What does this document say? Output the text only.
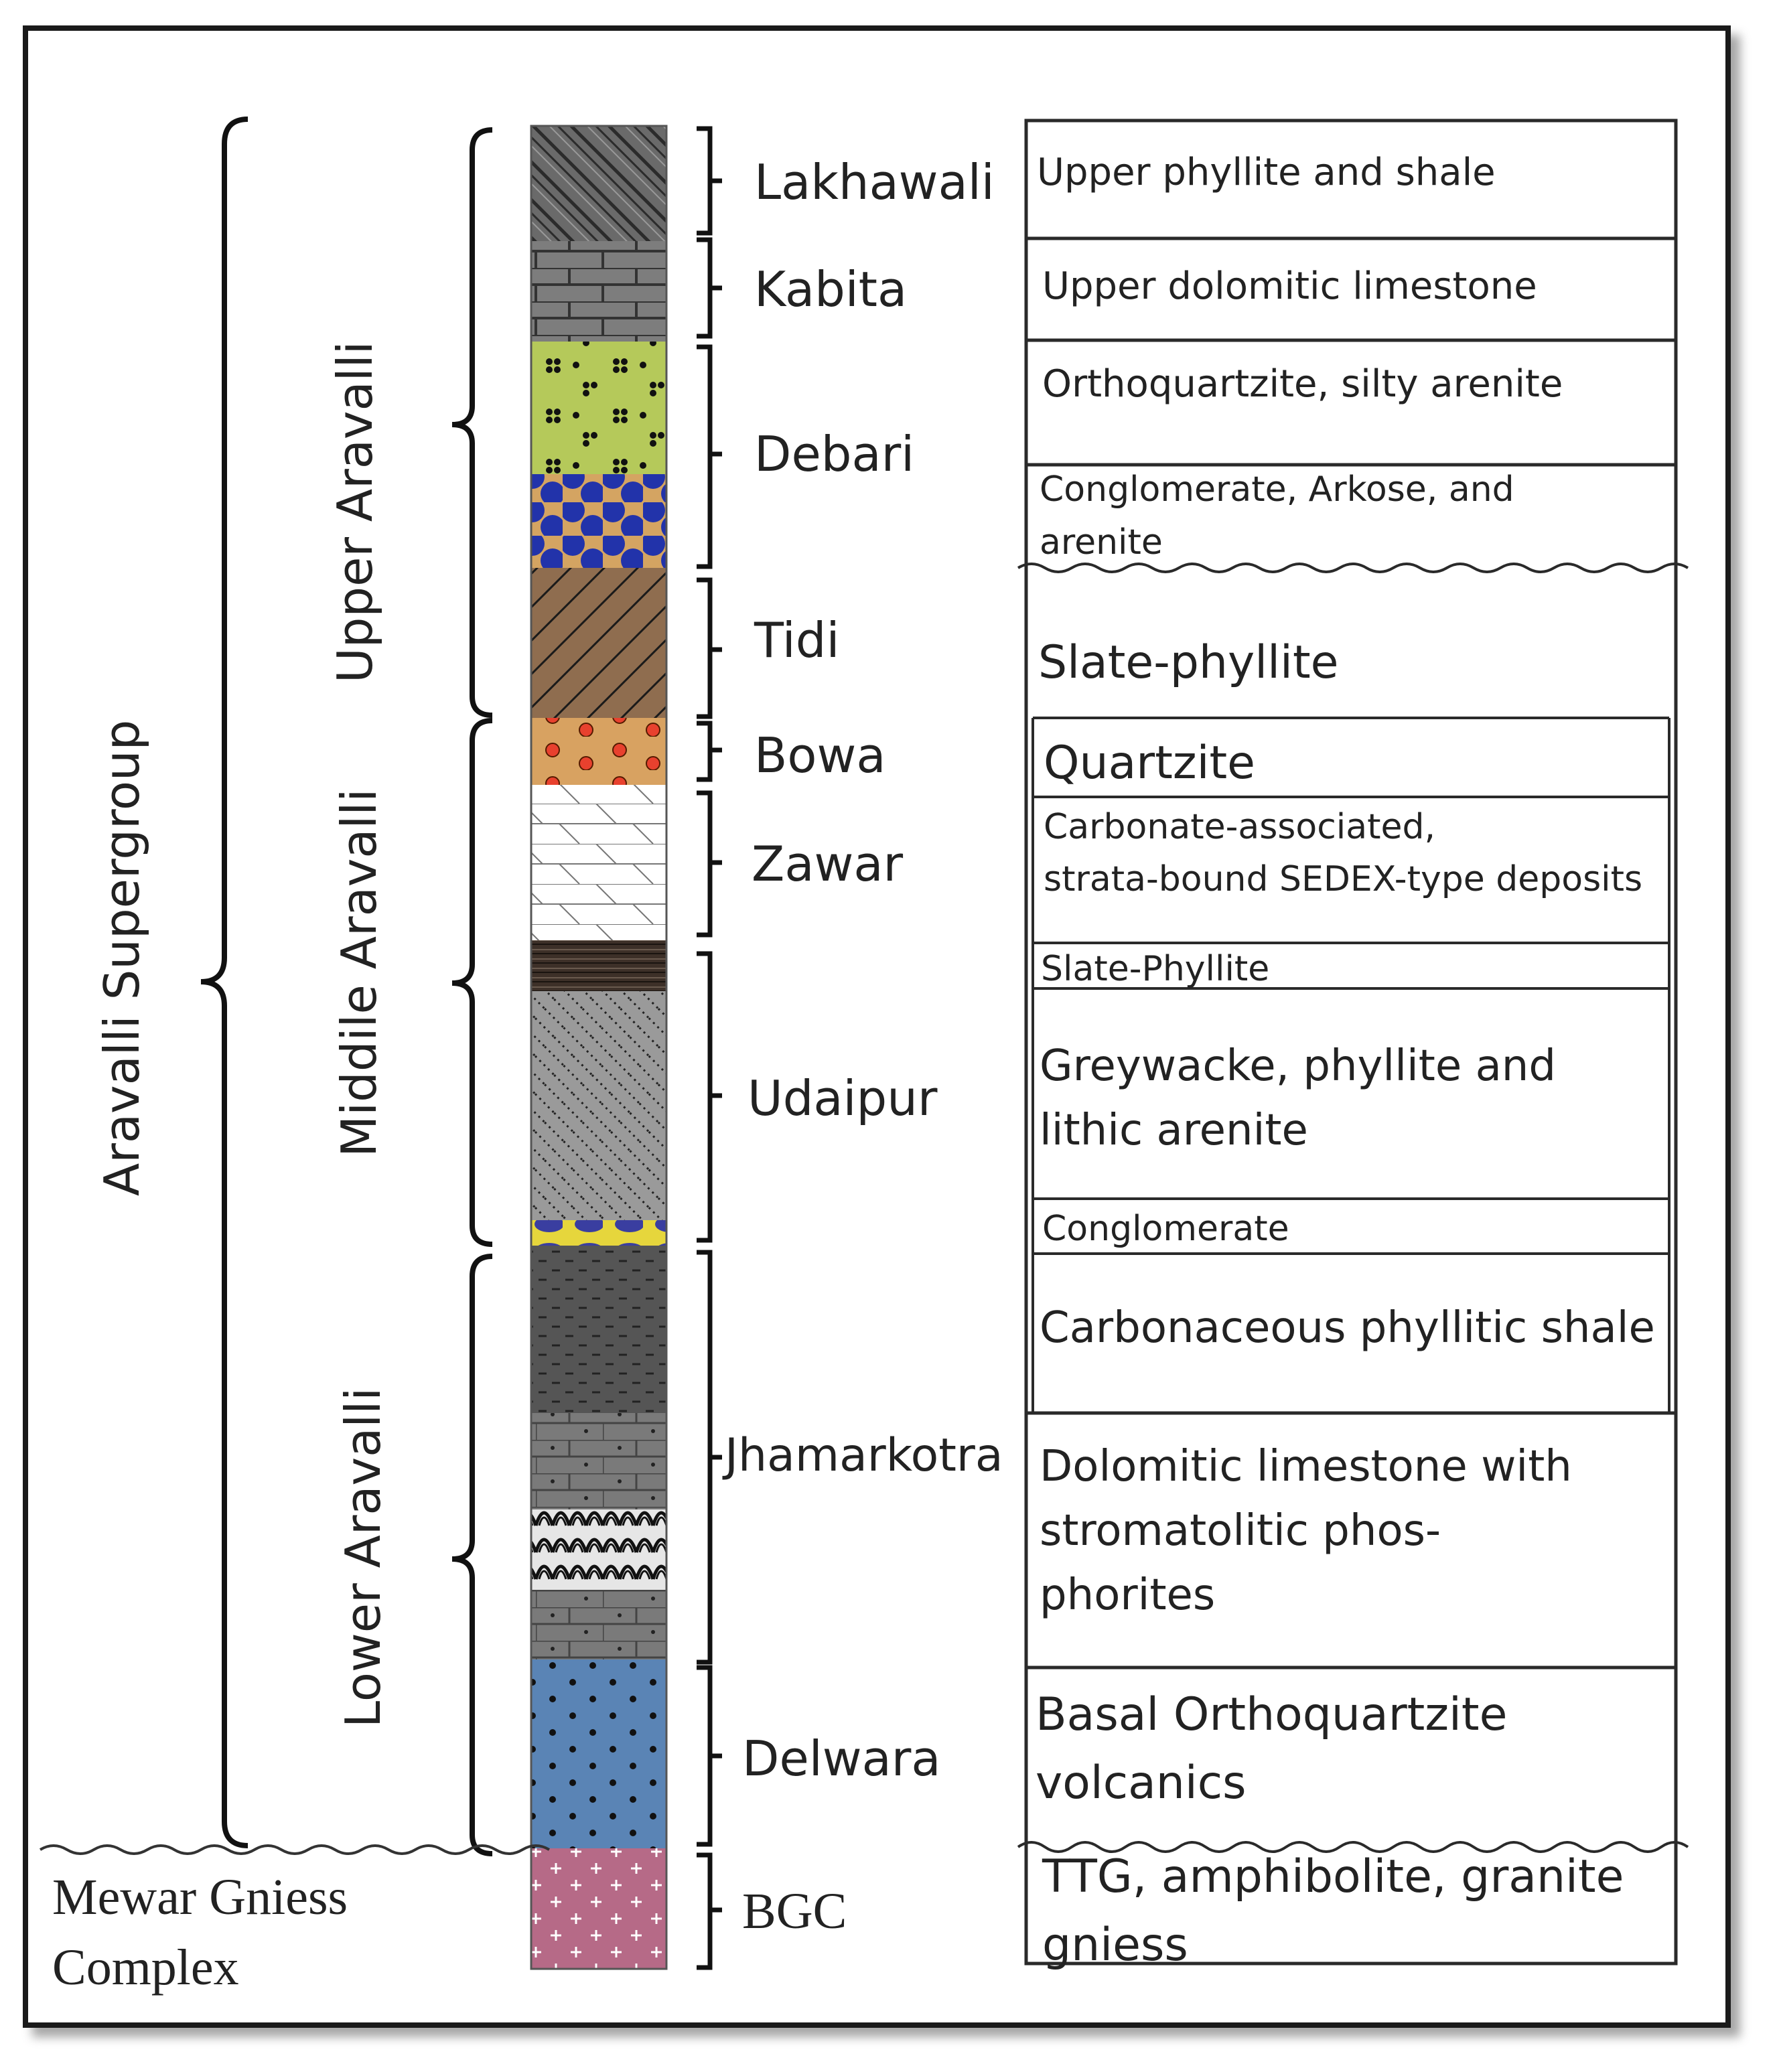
Aravalli Supergroup
Upper Aravalli
Middile Aravalli
Lower Aravalli
Mewar Gniess
Complex
Lakhawali
Kabita
Debari
Tidi
Bowa
Zawar
Udaipur
Jhamarkotra
Delwara
BGC
Upper phyllite and shale
Upper dolomitic limestone
Orthoquartzite, silty arenite
Conglomerate, Arkose, and
arenite
Slate-phyllite
Quartzite
Carbonate-associated,
strata-bound SEDEX-type deposits
Slate-Phyllite
Greywacke, phyllite and
lithic arenite
Conglomerate
Carbonaceous phyllitic shale
Dolomitic limestone with
stromatolitic phos-
phorites
Basal Orthoquartzite
volcanics
TTG, amphibolite, granite
gniess
